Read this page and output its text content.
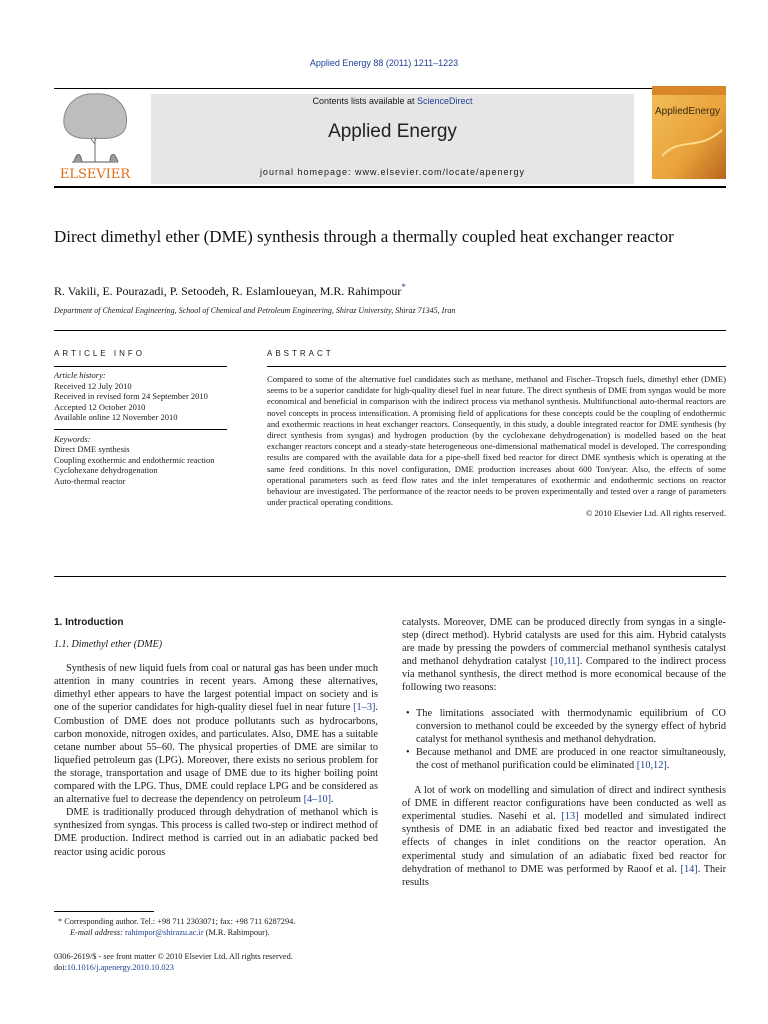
Applied Energy 88 (2011) 1211–1223
ELSEVIER
Contents lists available at ScienceDirect
Applied Energy
journal homepage: www.elsevier.com/locate/apenergy
AppliedEnergy
Direct dimethyl ether (DME) synthesis through a thermally coupled heat exchanger reactor
R. Vakili, E. Pourazadi, P. Setoodeh, R. Eslamloueyan, M.R. Rahimpour*
Department of Chemical Engineering, School of Chemical and Petroleum Engineering, Shiraz University, Shiraz 71345, Iran
ARTICLE INFO
Article history:
Received 12 July 2010
Received in revised form 24 September 2010
Accepted 12 October 2010
Available online 12 November 2010
Keywords:
Direct DME synthesis
Coupling exothermic and endothermic reaction
Cyclohexane dehydrogenation
Auto-thermal reactor
ABSTRACT
Compared to some of the alternative fuel candidates such as methane, methanol and Fischer–Tropsch fuels, dimethyl ether (DME) seems to be a superior candidate for high-quality diesel fuel in near future. The direct synthesis of DME from syngas would be more economical and beneficial in comparison with the indirect process via methanol synthesis. Multifunctional auto-thermal reactors are novel concepts in process intensification. A promising field of applications for these concepts could be the coupling of endothermic and exothermic reactions in heat exchanger reactors. Consequently, in this study, a double integrated reactor for DME synthesis (by direct synthesis from syngas) and hydrogen production (by the cyclohexane dehydrogenation) is modelled based on the heat exchanger reactors concept and a steady-state heterogeneous one-dimensional mathematical model is developed. The corresponding results are compared with the available data for a pipe-shell fixed bed reactor for direct DME synthesis which is operating at the same feed conditions. In this novel configuration, DME production increases about 600 Ton/year. Also, the effects of some operational parameters such as feed flow rates and the inlet temperatures of exothermic and endothermic sections on reactor behaviour are investigated. The performance of the reactor needs to be proven experimentally and tested over a range of parameters under practical operating conditions.
© 2010 Elsevier Ltd. All rights reserved.
1. Introduction
1.1. Dimethyl ether (DME)

Synthesis of new liquid fuels from coal or natural gas has been under much attention in many countries in recent years. Among these alternatives, dimethyl ether appears to have the largest potential impact on society and is one of the superior candidates for high-quality diesel fuel in near future [1–3]. Combustion of DME does not produce pollutants such as hydrocarbons, carbon monoxide, nitrogen oxides, and particulates. Also, DME has a suitable cetane number about 55–60. The physical properties of DME are similar to liquefied petroleum gas (LPG). Moreover, there exists no serious problem for the storage, transportation and usage of DME due to its higher boiling point compared with the LPG. Thus, DME could replace LPG and be considered as an alternative fuel to decrease the dependency on petroleum [4–10].

DME is traditionally produced through dehydration of methanol which is synthesized from syngas. This process is called two-step or indirect method of DME production. Indirect method is carried out in an adiabatic packed bed reactor using acidic porous

catalysts. Moreover, DME can be produced directly from syngas in a single-step (direct method). Hybrid catalysts are used for this aim. Hybrid catalysts are made by pressing the powders of commercial methanol synthesis catalyst and methanol dehydration catalyst [10,11]. Compared to the indirect process via methanol synthesis, the direct method is more economical because of the following two reasons:

• The limitations associated with thermodynamic equilibrium of CO conversion to methanol could be exceeded by the synergy effect of hybrid catalyst for methanol synthesis and methanol dehydration.
• Because methanol and DME are produced in one reactor simultaneously, the cost of methanol purification could be eliminated [10,12].

A lot of work on modelling and simulation of direct and indirect synthesis of DME in different reactor configurations have been conducted as well as experimental studies. Nasehi et al. [13] modelled and simulated indirect synthesis of DME in an adiabatic fixed bed reactor and investigated the effects of changes in inlet conditions on the reactor operation. An experimental study and simulation of an adiabatic fixed bed reactor for dehydration of methanol to DME was performed by Raoof et al. [14]. Their results

* Corresponding author. Tel.: +98 711 2303071; fax: +98 711 6287294.
E-mail address: rahimpor@shirazu.ac.ir (M.R. Rahimpour).
0306-2619/$ - see front matter © 2010 Elsevier Ltd. All rights reserved.
doi:10.1016/j.apenergy.2010.10.023
